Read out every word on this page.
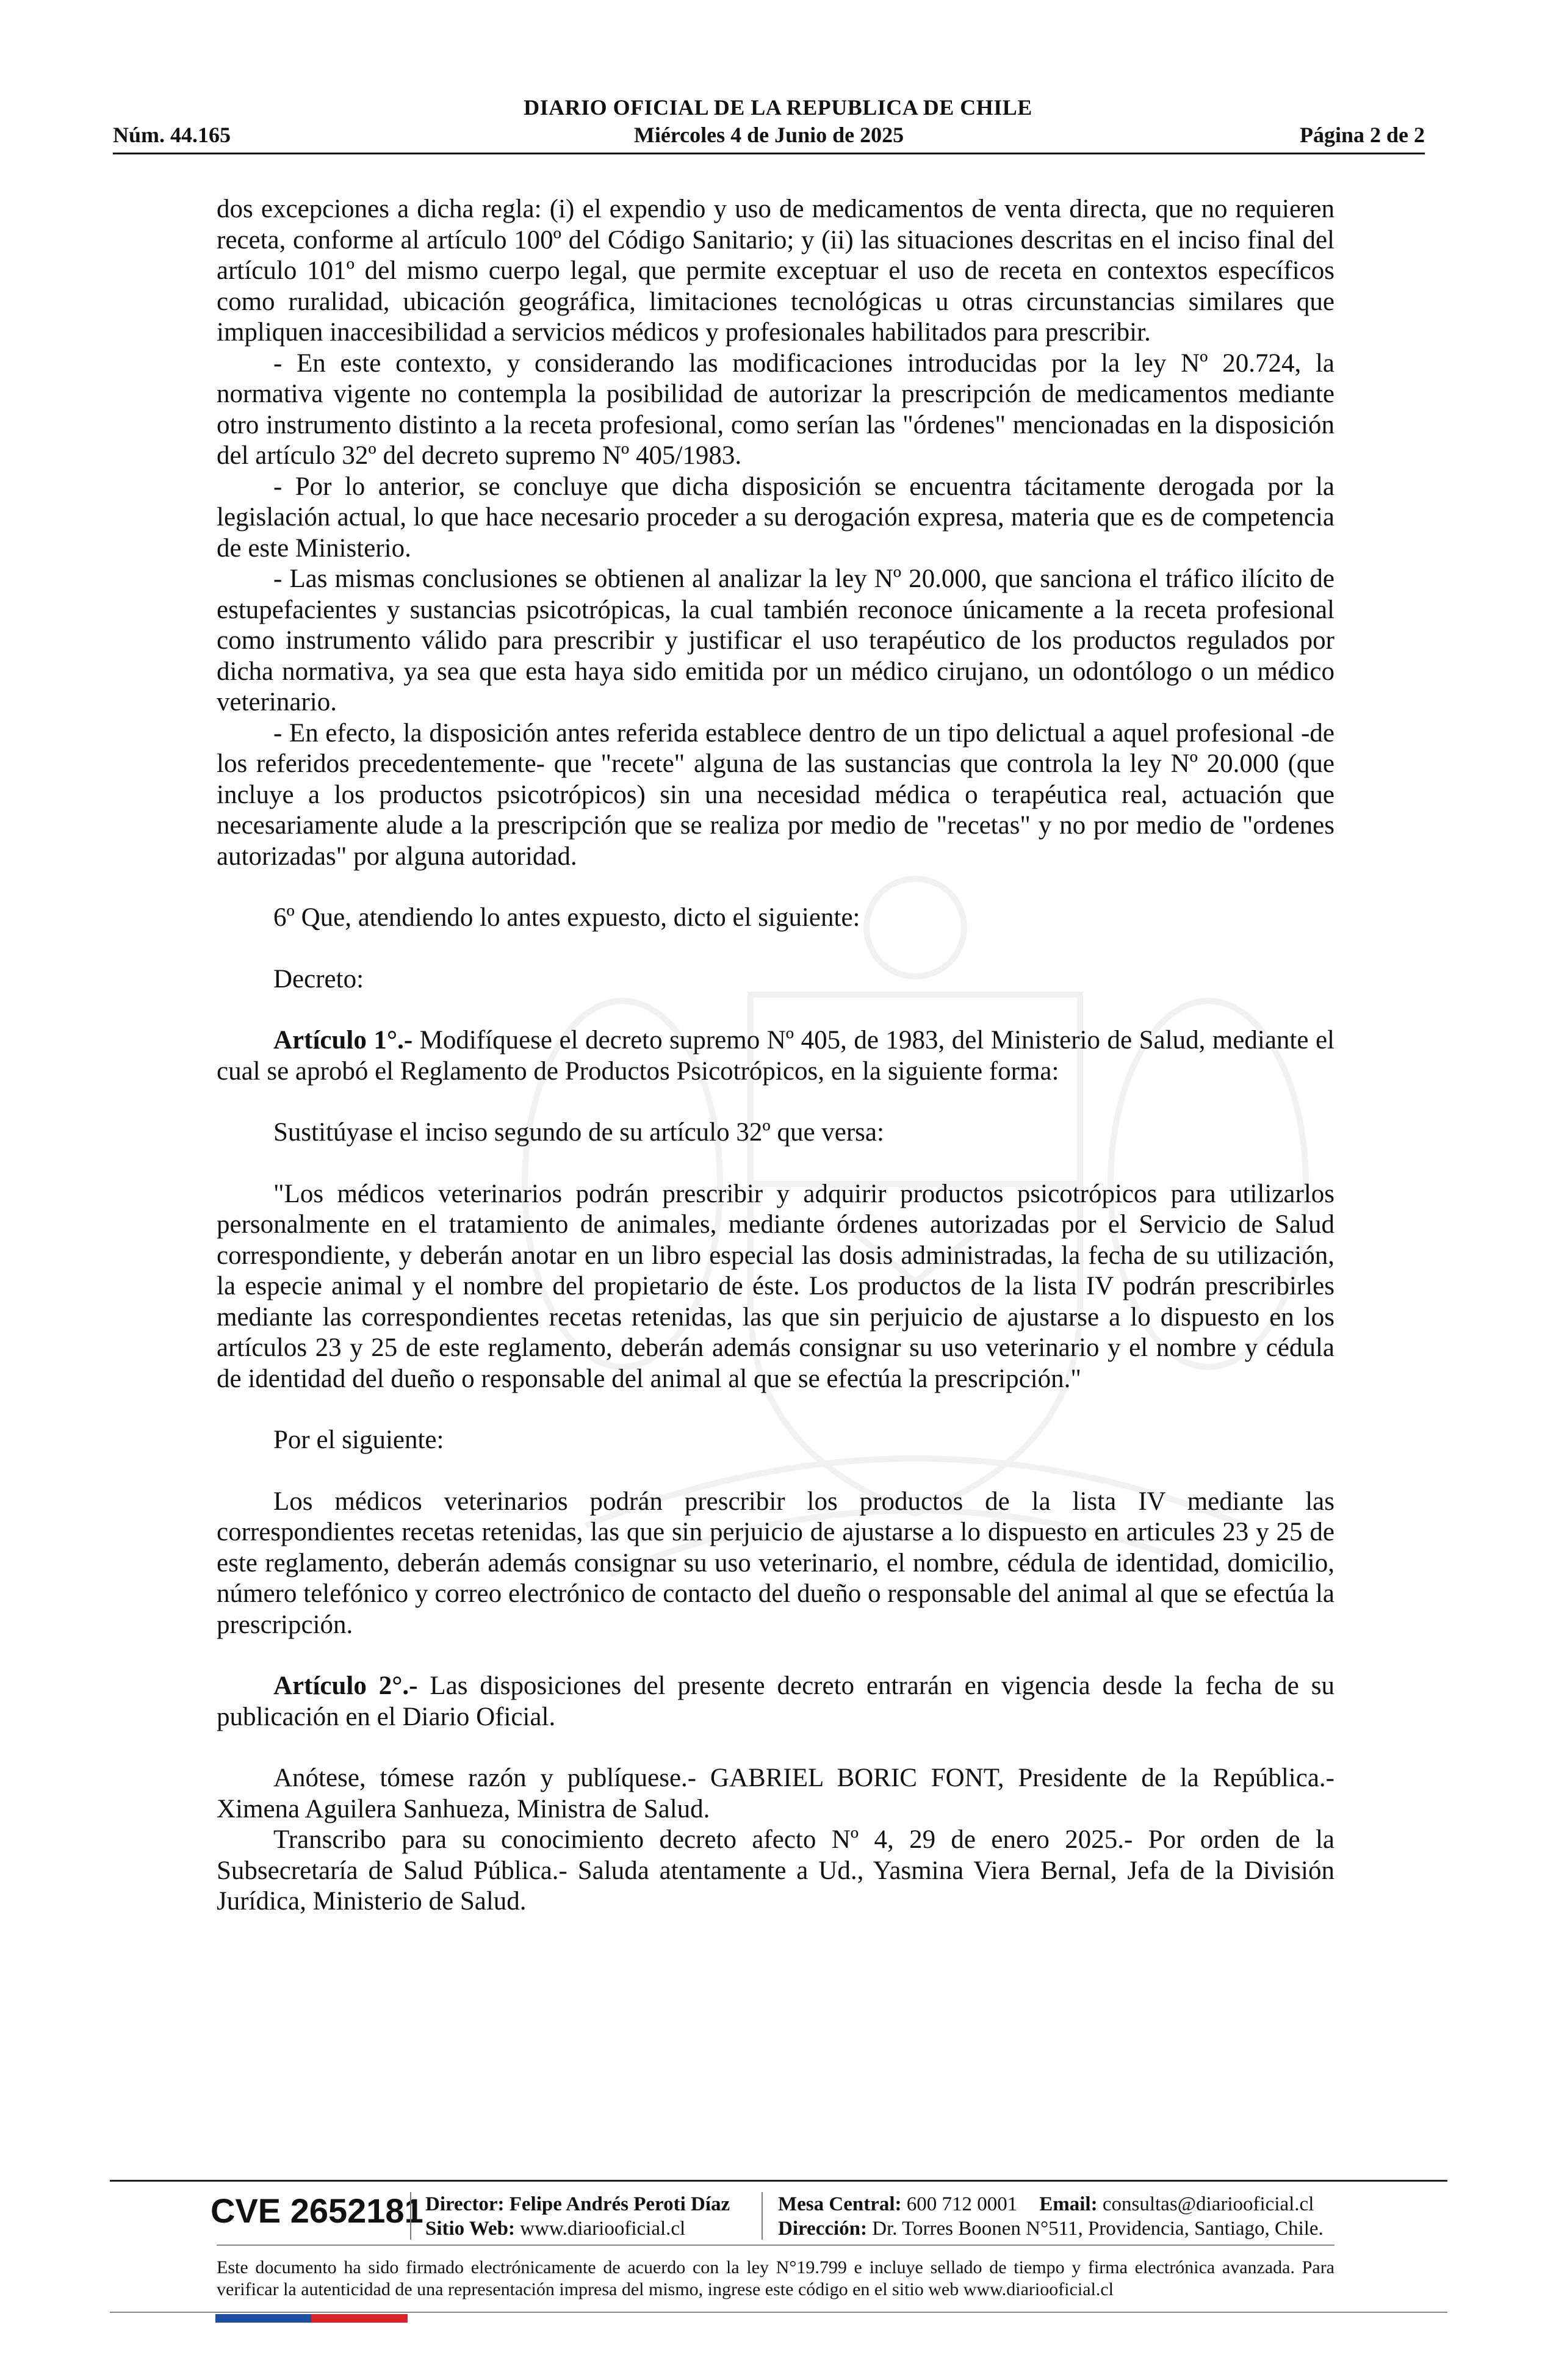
DIARIO OFICIAL DE LA REPUBLICA DE CHILE
Núm. 44.165	Miércoles 4 de Junio de 2025	Página 2 de 2

dos excepciones a dicha regla: (i) el expendio y uso de medicamentos de venta directa, que no requieren receta, conforme al artículo 100º del Código Sanitario; y (ii) las situaciones descritas en el inciso final del artículo 101º del mismo cuerpo legal, que permite exceptuar el uso de receta en contextos específicos como ruralidad, ubicación geográfica, limitaciones tecnológicas u otras circunstancias similares que impliquen inaccesibilidad a servicios médicos y profesionales habilitados para prescribir.

- En este contexto, y considerando las modificaciones introducidas por la ley Nº 20.724, la normativa vigente no contempla la posibilidad de autorizar la prescripción de medicamentos mediante otro instrumento distinto a la receta profesional, como serían las "órdenes" mencionadas en la disposición del artículo 32º del decreto supremo Nº 405/1983.

- Por lo anterior, se concluye que dicha disposición se encuentra tácitamente derogada por la legislación actual, lo que hace necesario proceder a su derogación expresa, materia que es de competencia de este Ministerio.

- Las mismas conclusiones se obtienen al analizar la ley Nº 20.000, que sanciona el tráfico ilícito de estupefacientes y sustancias psicotrópicas, la cual también reconoce únicamente a la receta profesional como instrumento válido para prescribir y justificar el uso terapéutico de los productos regulados por dicha normativa, ya sea que esta haya sido emitida por un médico cirujano, un odontólogo o un médico veterinario.

- En efecto, la disposición antes referida establece dentro de un tipo delictual a aquel profesional -de los referidos precedentemente- que "recete" alguna de las sustancias que controla la ley Nº 20.000 (que incluye a los productos psicotrópicos) sin una necesidad médica o terapéutica real, actuación que necesariamente alude a la prescripción que se realiza por medio de "recetas" y no por medio de "ordenes autorizadas" por alguna autoridad.

6º Que, atendiendo lo antes expuesto, dicto el siguiente:

Decreto:

Artículo 1°.- Modifíquese el decreto supremo Nº 405, de 1983, del Ministerio de Salud, mediante el cual se aprobó el Reglamento de Productos Psicotrópicos, en la siguiente forma:

Sustitúyase el inciso segundo de su artículo 32º que versa:

"Los médicos veterinarios podrán prescribir y adquirir productos psicotrópicos para utilizarlos personalmente en el tratamiento de animales, mediante órdenes autorizadas por el Servicio de Salud correspondiente, y deberán anotar en un libro especial las dosis administradas, la fecha de su utilización, la especie animal y el nombre del propietario de éste. Los productos de la lista IV podrán prescribirles mediante las correspondientes recetas retenidas, las que sin perjuicio de ajustarse a lo dispuesto en los artículos 23 y 25 de este reglamento, deberán además consignar su uso veterinario y el nombre y cédula de identidad del dueño o responsable del animal al que se efectúa la prescripción."

Por el siguiente:

Los médicos veterinarios podrán prescribir los productos de la lista IV mediante las correspondientes recetas retenidas, las que sin perjuicio de ajustarse a lo dispuesto en articules 23 y 25 de este reglamento, deberán además consignar su uso veterinario, el nombre, cédula de identidad, domicilio, número telefónico y correo electrónico de contacto del dueño o responsable del animal al que se efectúa la prescripción.

Artículo 2°.- Las disposiciones del presente decreto entrarán en vigencia desde la fecha de su publicación en el Diario Oficial.

Anótese, tómese razón y publíquese.- GABRIEL BORIC FONT, Presidente de la República.- Ximena Aguilera Sanhueza, Ministra de Salud.

Transcribo para su conocimiento decreto afecto Nº 4, 29 de enero 2025.- Por orden de la Subsecretaría de Salud Pública.- Saluda atentamente a Ud., Yasmina Viera Bernal, Jefa de la División Jurídica, Ministerio de Salud.

CVE 2652181 Director: Felipe Andrés Peroti Díaz
Sitio Web: www.diariooficial.cl
Mesa Central: 600 712 0001 Email: consultas@diariooficial.cl
Dirección: Dr. Torres Boonen N°511, Providencia, Santiago, Chile.
Este documento ha sido firmado electrónicamente de acuerdo con la ley N°19.799 e incluye sellado de tiempo y firma electrónica avanzada. Para verificar la autenticidad de una representación impresa del mismo, ingrese este código en el sitio web www.diariooficial.cl
